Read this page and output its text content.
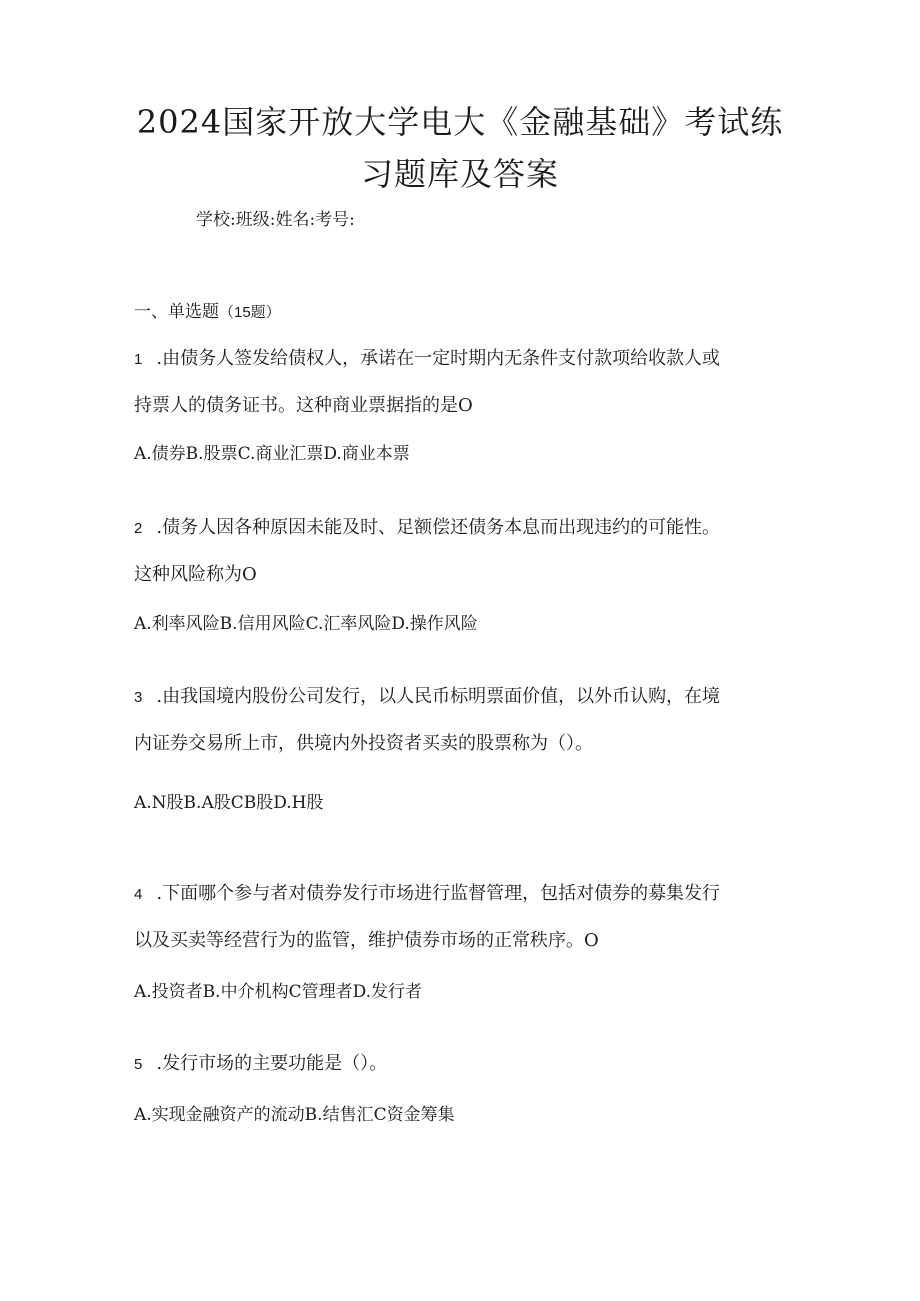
2024国家开放大学电大《金融基础》考试练
习题库及答案
学校:班级:姓名:考号:
一、单选题（15题）
1 .由债务人签发给债权人，承诺在一定时期内无条件支付款项给收款人或
持票人的债务证书。这种商业票据指的是O
A.债券B.股票C.商业汇票D.商业本票
2 .债务人因各种原因未能及时、足额偿还债务本息而出现违约的可能性。
这种风险称为O
A.利率风险B.信用风险C.汇率风险D.操作风险
3 .由我国境内股份公司发行，以人民币标明票面价值，以外币认购，在境
内证券交易所上市，供境内外投资者买卖的股票称为（）。
A.N股B.A股CB股D.H股
4 .下面哪个参与者对债券发行市场进行监督管理，包括对债券的募集发行
以及买卖等经营行为的监管，维护债券市场的正常秩序。O
A.投资者B.中介机构C管理者D.发行者
5 .发行市场的主要功能是（）。
A.实现金融资产的流动B.结售汇C资金筹集
